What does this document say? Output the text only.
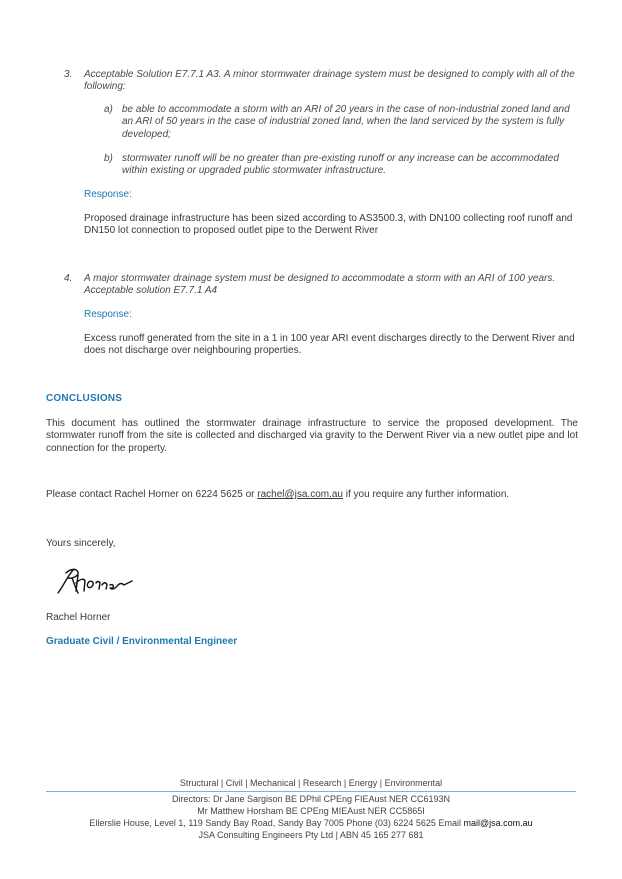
3. Acceptable Solution E7.7.1 A3. A minor stormwater drainage system must be designed to comply with all of the following:
a) be able to accommodate a storm with an ARI of 20 years in the case of non-industrial zoned land and an ARI of 50 years in the case of industrial zoned land, when the land serviced by the system is fully developed;
b) stormwater runoff will be no greater than pre-existing runoff or any increase can be accommodated within existing or upgraded public stormwater infrastructure.
Response:
Proposed drainage infrastructure has been sized according to AS3500.3, with DN100 collecting roof runoff and DN150 lot connection to proposed outlet pipe to the Derwent River
4. A major stormwater drainage system must be designed to accommodate a storm with an ARI of 100 years. Acceptable solution E7.7.1 A4
Response:
Excess runoff generated from the site in a 1 in 100 year ARI event discharges directly to the Derwent River and does not discharge over neighbouring properties.
CONCLUSIONS
This document has outlined the stormwater drainage infrastructure to service the proposed development. The stormwater runoff from the site is collected and discharged via gravity to the Derwent River via a new outlet pipe and lot connection for the property.
Please contact Rachel Horner on 6224 5625 or rachel@jsa.com.au if you require any further information.
Yours sincerely,
Rachel Horner
Graduate Civil / Environmental Engineer
Structural | Civil | Mechanical | Research | Energy | Environmental
Directors: Dr Jane Sargison BE DPhil CPEng FIEAust NER CC6193N
Mr Matthew Horsham BE CPEng MIEAust NER CC5865I
Ellerslie House, Level 1, 119 Sandy Bay Road, Sandy Bay 7005 Phone (03) 6224 5625 Email mail@jsa.com.au
JSA Consulting Engineers Pty Ltd | ABN 45 165 277 681
